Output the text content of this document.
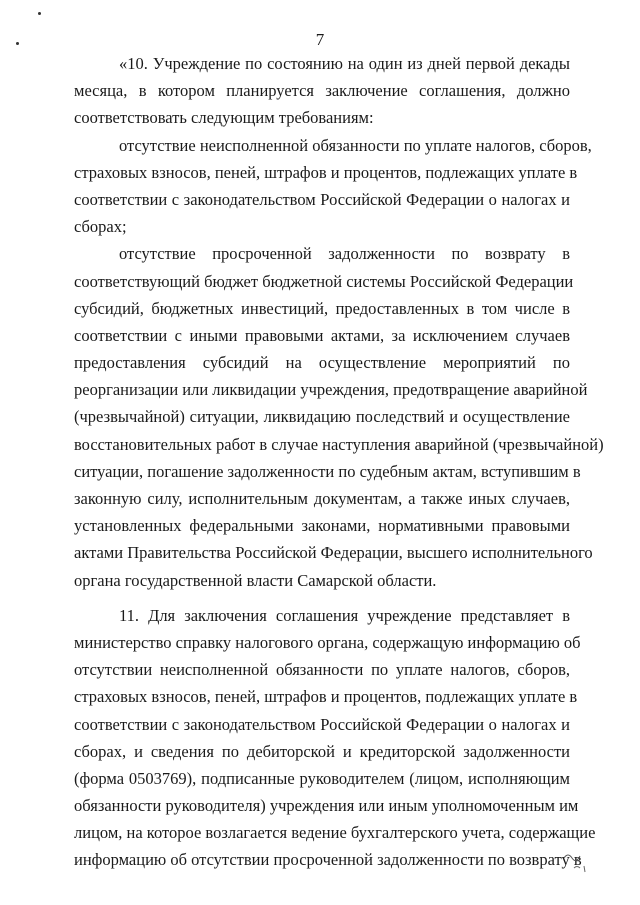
7
«10. Учреждение по состоянию на один из дней первой декады
месяца, в котором планируется заключение соглашения, должно
соответствовать следующим требованиям:
отсутствие неисполненной обязанности по уплате налогов, сборов,
страховых взносов, пеней, штрафов и процентов, подлежащих уплате в
соответствии с законодательством Российской Федерации о налогах и
сборах;
отсутствие просроченной задолженности по возврату в
соответствующий бюджет бюджетной системы Российской Федерации
субсидий, бюджетных инвестиций, предоставленных в том числе в
соответствии с иными правовыми актами, за исключением случаев
предоставления субсидий на осуществление мероприятий по
реорганизации или ликвидации учреждения, предотвращение аварийной
(чрезвычайной) ситуации, ликвидацию последствий и осуществление
восстановительных работ в случае наступления аварийной (чрезвычайной)
ситуации, погашение задолженности по судебным актам, вступившим в
законную силу, исполнительным документам, а также иных случаев,
установленных федеральными законами, нормативными правовыми
актами Правительства Российской Федерации, высшего исполнительного
органа государственной власти Самарской области.
11. Для заключения соглашения учреждение представляет в
министерство справку налогового органа, содержащую информацию об
отсутствии неисполненной обязанности по уплате налогов, сборов,
страховых взносов, пеней, штрафов и процентов, подлежащих уплате в
соответствии с законодательством Российской Федерации о налогах и
сборах, и сведения по дебиторской и кредиторской задолженности
(форма 0503769), подписанные руководителем (лицом, исполняющим
обязанности руководителя) учреждения или иным уполномоченным им
лицом, на которое возлагается ведение бухгалтерского учета, содержащие
информацию об отсутствии просроченной задолженности по возврату в
